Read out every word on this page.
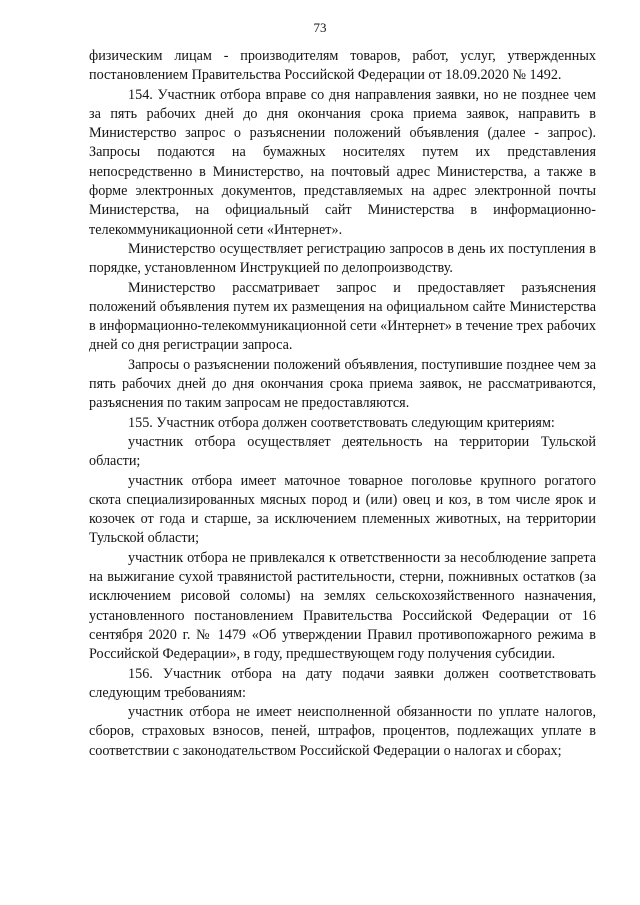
73

физическим лицам - производителям товаров, работ, услуг, утвержденных постановлением Правительства Российской Федерации от 18.09.2020 № 1492.

154. Участник отбора вправе со дня направления заявки, но не позднее чем за пять рабочих дней до дня окончания срока приема заявок, направить в Министерство запрос о разъяснении положений объявления (далее - запрос). Запросы подаются на бумажных носителях путем их представления непосредственно в Министерство, на почтовый адрес Министерства, а также в форме электронных документов, представляемых на адрес электронной почты Министерства, на официальный сайт Министерства в информационно-телекоммуникационной сети «Интернет».

Министерство осуществляет регистрацию запросов в день их поступления в порядке, установленном Инструкцией по делопроизводству.

Министерство рассматривает запрос и предоставляет разъяснения положений объявления путем их размещения на официальном сайте Министерства в информационно-телекоммуникационной сети «Интернет» в течение трех рабочих дней со дня регистрации запроса.

Запросы о разъяснении положений объявления, поступившие позднее чем за пять рабочих дней до дня окончания срока приема заявок, не рассматриваются, разъяснения по таким запросам не предоставляются.

155. Участник отбора должен соответствовать следующим критериям:

участник отбора осуществляет деятельность на территории Тульской области;

участник отбора имеет маточное товарное поголовье крупного рогатого скота специализированных мясных пород и (или) овец и коз, в том числе ярок и козочек от года и старше, за исключением племенных животных, на территории Тульской области;

участник отбора не привлекался к ответственности за несоблюдение запрета на выжигание сухой травянистой растительности, стерни, пожнивных остатков (за исключением рисовой соломы) на землях сельскохозяйственного назначения, установленного постановлением Правительства Российской Федерации от 16 сентября 2020 г. № 1479 «Об утверждении Правил противопожарного режима в Российской Федерации», в году, предшествующем году получения субсидии.

156. Участник отбора на дату подачи заявки должен соответствовать следующим требованиям:

участник отбора не имеет неисполненной обязанности по уплате налогов, сборов, страховых взносов, пеней, штрафов, процентов, подлежащих уплате в соответствии с законодательством Российской Федерации о налогах и сборах;
